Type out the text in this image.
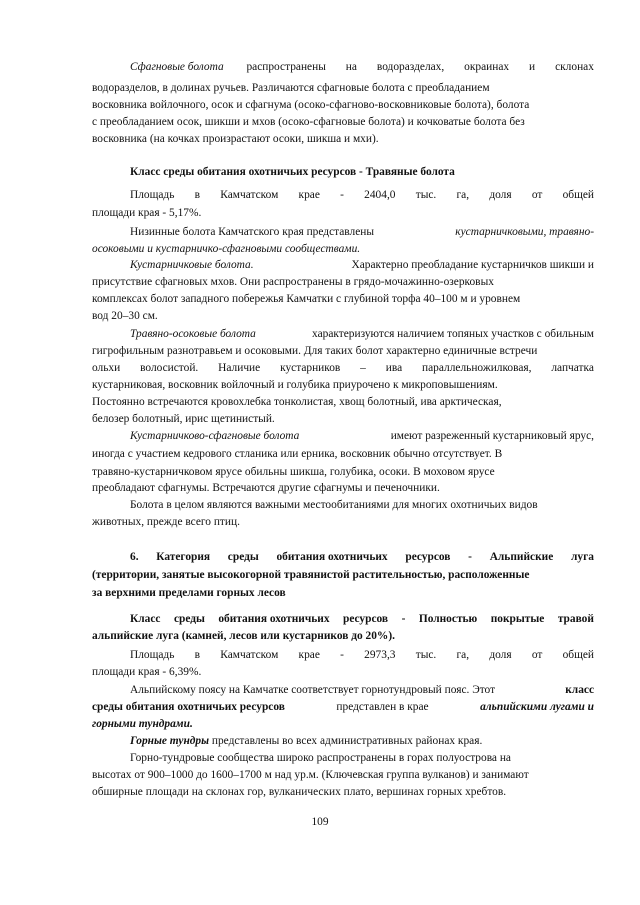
Сфагновые болота распространены на водоразделах, окраинах и склонах
водоразделов, в долинах ручьев. Различаются сфагновые болота с преобладанием
восковника войлочного, осок и сфагнума (осоко-сфагново-восковниковые болота), болота
с преобладанием осок, шикши и мхов (осоко-сфагновые болота) и кочковатые болота без
восковника (на кочках произрастают осоки, шикша и мхи).
Класс среды обитания охотничьих ресурсов - Травяные болота
Площадь в Камчатском крае - 2404,0 тыс. га, доля от общей
площади края - 5,17%.
Низинные болота Камчатского края представлены	кустарничковыми, травяно-
осоковыми и кустарничко-сфагновыми сообществами.
Кустарничковые болота.	Характерно преобладание кустарничков шикши и
присутствие сфагновых мхов. Они распространены в грядо-мочажинно-озерковых
комплексах болот западного побережья Камчатки с глубиной торфа 40–100 м и уровнем
вод 20–30 см.
Травяно-осоковые болота	характеризуются наличием топяных участков с обильным
гигрофильным разнотравьем и осоковыми. Для таких болот характерно единичные встречи
ольхи волосистой. Наличие кустарников – ива параллельножилковая, лапчатка
кустарниковая, восковник войлочный и голубика приурочено к микроповышениям.
Постоянно встречаются кровохлебка тонколистая, хвощ болотный, ива арктическая,
белозер болотный, ирис щетинистый.
Кустарничково-сфагновые болота	имеют разреженный кустарниковый ярус,
иногда с участием кедрового стланика или ерника, восковник обычно отсутствует. В
травяно-кустарничковом ярусе обильны шикша, голубика, осоки. В моховом ярусе
преобладают сфагнумы. Встречаются другие сфагнумы и печеночники.
Болота в целом являются важными местообитаниями для многих охотничьих видов
животных, прежде всего птиц.
6. Категория среды обитания охотничьих ресурсов - Альпийские луга
(территории, занятые высокогорной травянистой растительностью, расположенные
за верхними пределами горных лесов
Класс среды обитания охотничьих ресурсов - Полностью покрытые травой
альпийские луга (камней, лесов или кустарников до 20%).
Площадь в Камчатском крае - 2973,3 тыс. га, доля от общей
площади края - 6,39%.
Альпийскому поясу на Камчатке соответствует горнотундровый пояс. Этот	класс
среды обитания охотничьих ресурсов	представлен в крае	альпийскими лугами и
горными тундрами.
Горные тундры представлены во всех административных районах края.
Горно-тундровые сообщества широко распространены в горах полуострова на
высотах от 900–1000 до 1600–1700 м над ур.м. (Ключевская группа вулканов) и занимают
обширные площади на склонах гор, вулканических плато, вершинах горных хребтов.
109
